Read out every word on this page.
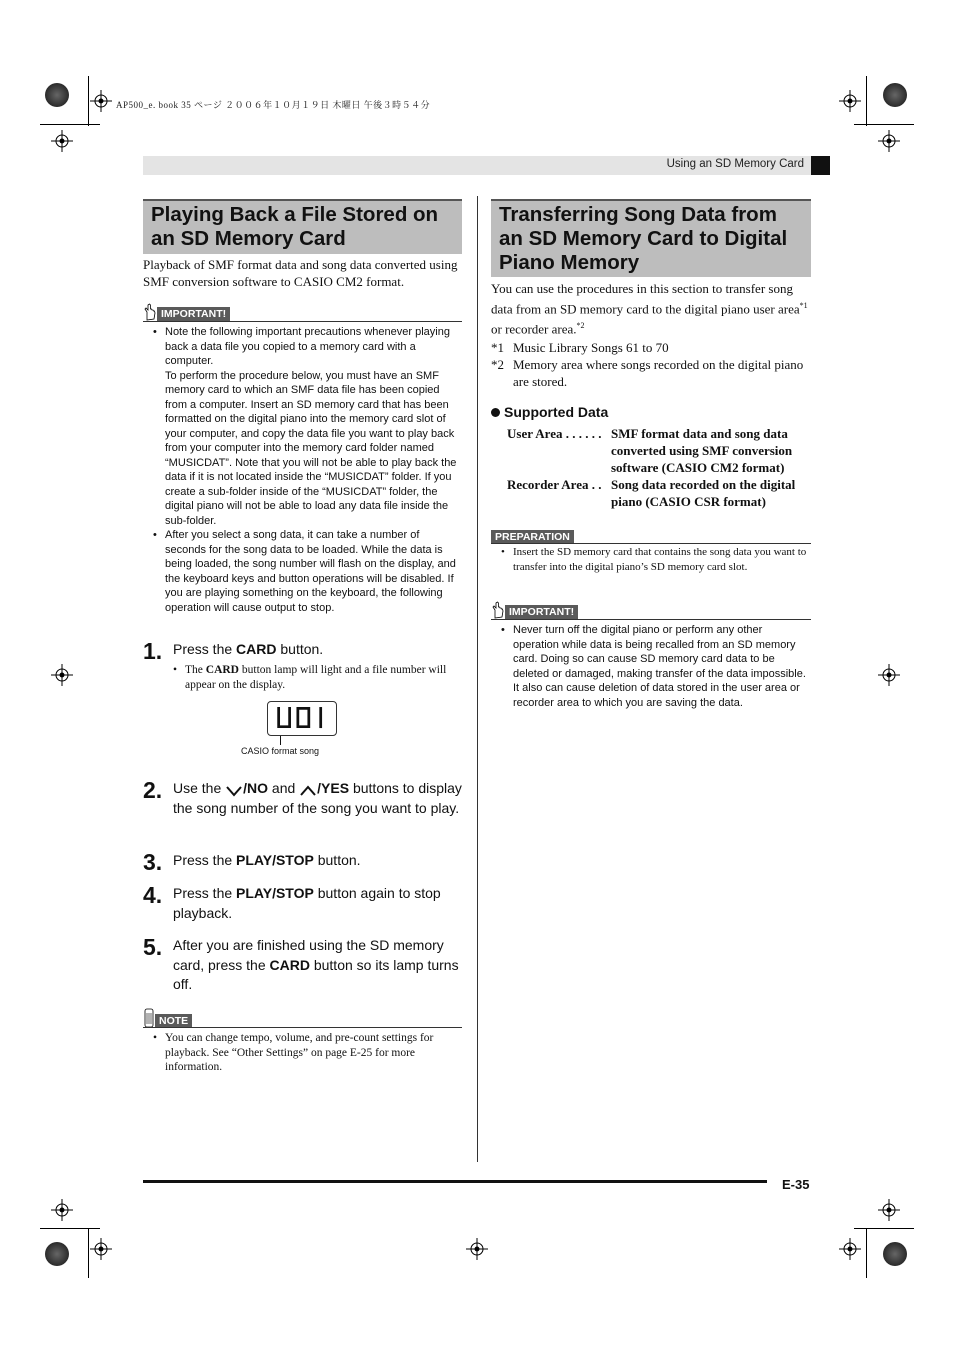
AP500_e. book 35 ページ ２００６年１０月１９日 木曜日 午後３時５４分
Using an SD Memory Card
E-35
Playing Back a File Stored on an SD Memory Card
Playback of SMF format data and song data converted using SMF conversion software to CASIO CM2 format.
IMPORTANT!
• Note the following important precautions whenever playing back a data file you copied to a memory card with a computer.
To perform the procedure below, you must have an SMF memory card to which an SMF data file has been copied from a computer. Insert an SD memory card that has been formatted on the digital piano into the memory card slot of your computer, and copy the data file you want to play back from your computer into the memory card folder named “MUSICDAT”. Note that you will not be able to play back the data if it is not located inside the “MUSICDAT” folder. If you create a sub-folder inside of the “MUSICDAT” folder, the digital piano will not be able to load any data file inside the sub-folder.
• After you select a song data, it can take a number of seconds for the song data to be loaded. While the data is being loaded, the song number will flash on the display, and the keyboard keys and button operations will be disabled. If you are playing something on the keyboard, the following operation will cause output to stop.
1. Press the CARD button.
• The CARD button lamp will light and a file number will appear on the display.
CASIO format song
2. Use the /NO and /YES buttons to display the song number of the song you want to play.
3. Press the PLAY/STOP button.
4. Press the PLAY/STOP button again to stop playback.
5. After you are finished using the SD memory card, press the CARD button so its lamp turns off.
NOTE
• You can change tempo, volume, and pre-count settings for playback. See “Other Settings” on page E-25 for more information.
Transferring Song Data from an SD Memory Card to Digital Piano Memory
You can use the procedures in this section to transfer song data from an SD memory card to the digital piano user area$^{*1}$ or recorder area.$^{*2}$
*1 Music Library Songs 61 to 70
*2 Memory area where songs recorded on the digital piano are stored.
Supported Data
User Area . . . . . . SMF format data and song data converted using SMF conversion software (CASIO CM2 format)
Recorder Area . . Song data recorded on the digital piano (CASIO CSR format)
PREPARATION
• Insert the SD memory card that contains the song data you want to transfer into the digital piano’s SD memory card slot.
IMPORTANT!
• Never turn off the digital piano or perform any other operation while data is being recalled from an SD memory card. Doing so can cause SD memory card data to be deleted or damaged, making transfer of the data impossible. It also can cause deletion of data stored in the user area or recorder area to which you are saving the data.
